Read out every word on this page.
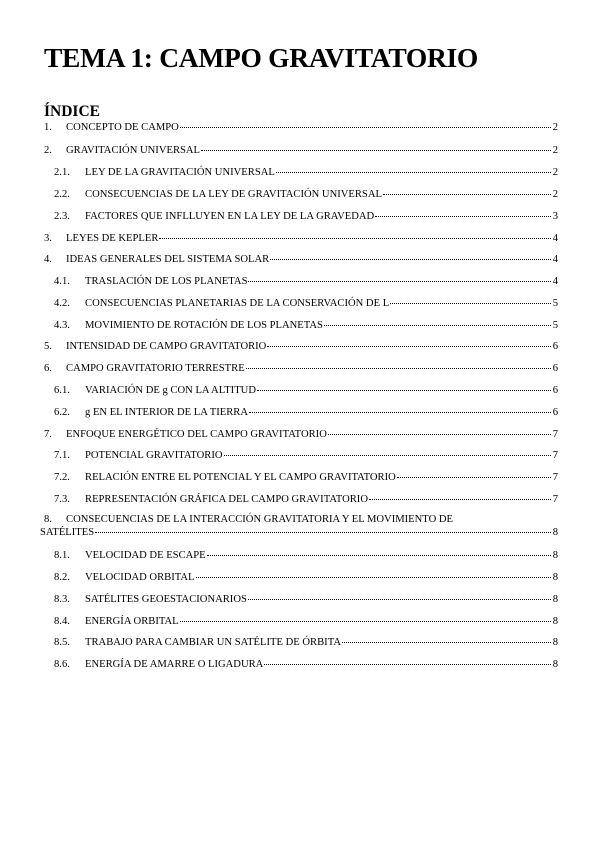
TEMA 1: CAMPO GRAVITATORIO
ÍNDICE
1.	CONCEPTO DE CAMPO	2
2.	GRAVITACIÓN UNIVERSAL	2
2.1.	LEY DE LA GRAVITACIÓN UNIVERSAL	2
2.2.	CONSECUENCIAS DE LA LEY DE GRAVITACIÓN UNIVERSAL	2
2.3.	FACTORES QUE INFLLUYEN EN LA LEY DE LA GRAVEDAD	3
3.	LEYES DE KEPLER	4
4.	IDEAS GENERALES DEL SISTEMA SOLAR	4
4.1.	TRASLACIÓN DE LOS PLANETAS	4
4.2.	CONSECUENCIAS PLANETARIAS DE LA CONSERVACIÓN DE L	5
4.3.	MOVIMIENTO DE ROTACIÓN DE LOS PLANETAS	5
5.	INTENSIDAD DE CAMPO GRAVITATORIO	6
6.	CAMPO GRAVITATORIO TERRESTRE	6
6.1.	VARIACIÓN DE g CON LA ALTITUD	6
6.2.	g EN EL INTERIOR DE LA TIERRA	6
7.	ENFOQUE ENERGÉTICO DEL CAMPO GRAVITATORIO	7
7.1.	POTENCIAL GRAVITATORIO	7
7.2.	RELACIÓN ENTRE EL POTENCIAL Y EL CAMPO GRAVITATORIO	7
7.3.	REPRESENTACIÓN GRÁFICA DEL CAMPO GRAVITATORIO	7
8. CONSECUENCIAS DE LA INTERACCIÓN GRAVITATORIA Y EL MOVIMIENTO DE
SATÉLITES	8
8.1.	VELOCIDAD DE ESCAPE	8
8.2.	VELOCIDAD ORBITAL	8
8.3.	SATÉLITES GEOESTACIONARIOS	8
8.4.	ENERGÍA ORBITAL	8
8.5.	TRABAJO PARA CAMBIAR UN SATÉLITE DE ÓRBITA	8
8.6.	ENERGÍA DE AMARRE O LIGADURA	8
